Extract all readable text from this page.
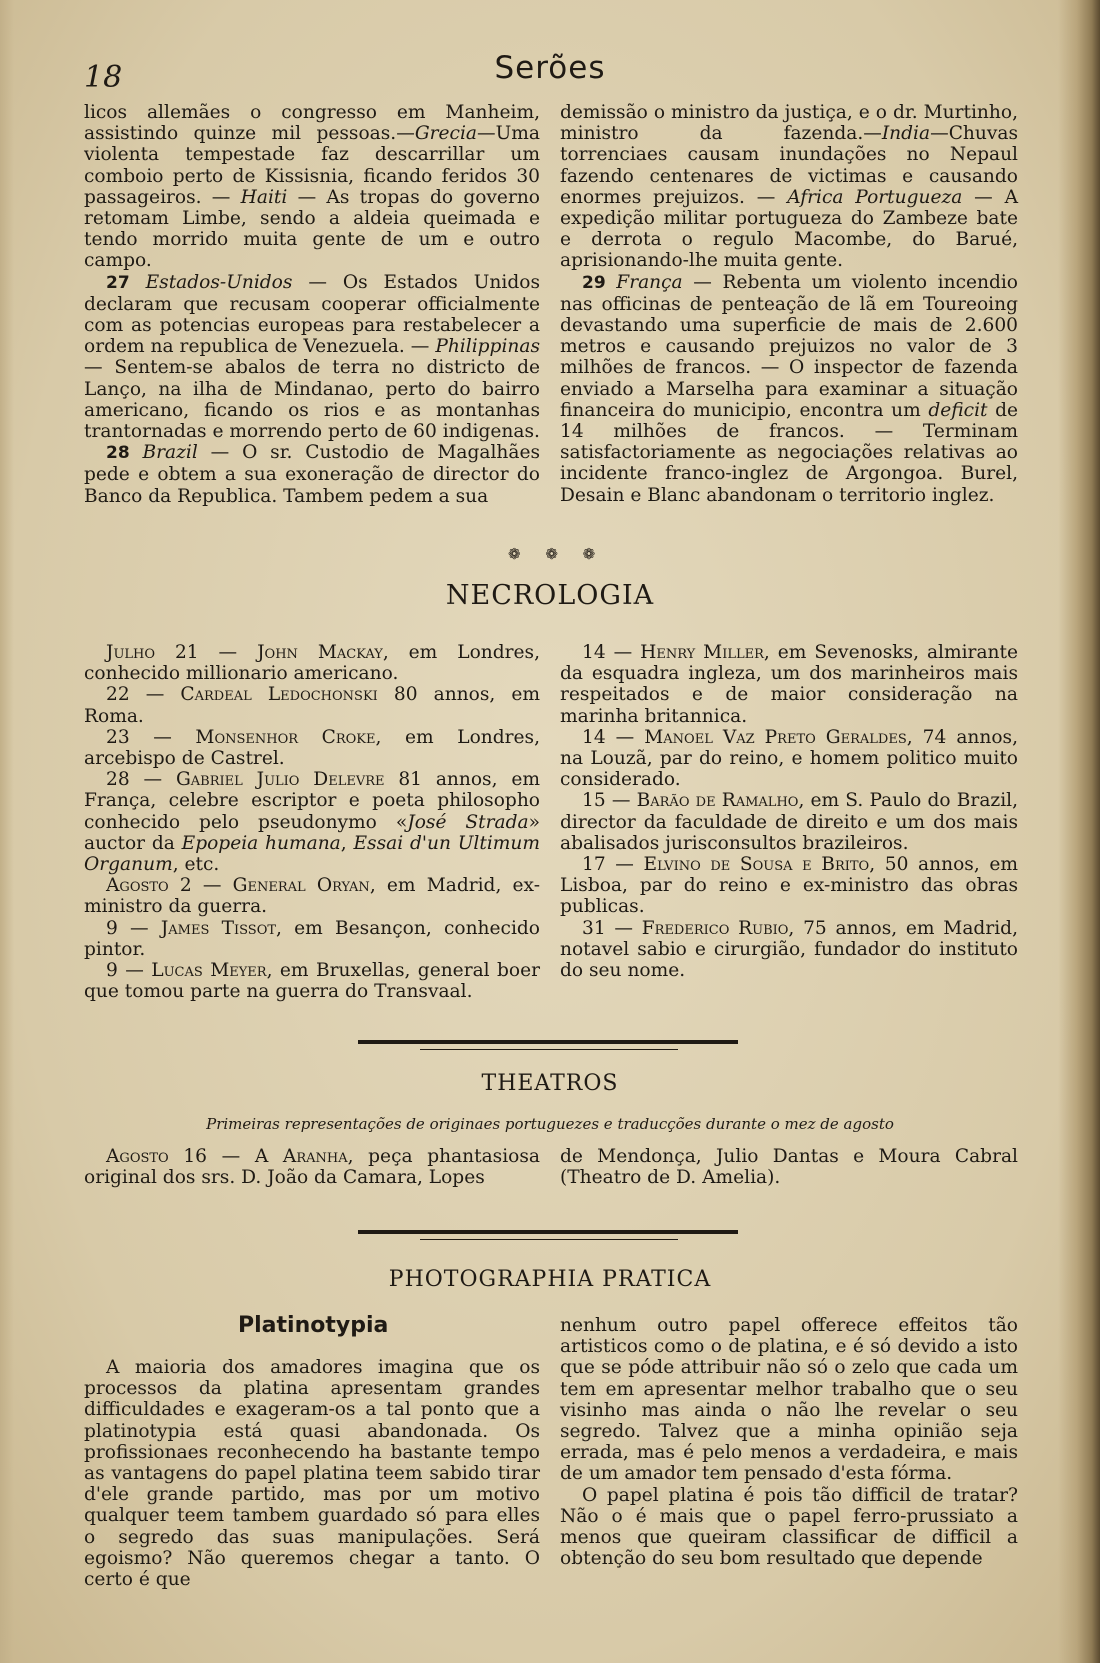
18	Serões

licos allemães o congresso em Manheim, assistindo quinze mil pessoas.—Grecia—Uma violenta tempestade faz descarrillar um comboio perto de Kissisnia, ficando feridos 30 passageiros. — Haiti — As tropas do governo retomam Limbe, sendo a aldeia queimada e tendo morrido muita gente de um e outro campo.

27 Estados-Unidos — Os Estados Unidos declaram que recusam cooperar officialmente com as potencias europeas para restabelecer a ordem na republica de Venezuela. — Philippinas— Sentem-se abalos de terra no districto de Lanço, na ilha de Mindanao, perto do bairro americano, ficando os rios e as montanhas trantornadas e morrendo perto de 60 indigenas.

28 Brazil — O sr. Custodio de Magalhães pede e obtem a sua exoneração de director do Banco da Republica. Tambem pedem a sua

demissão o ministro da justiça, e o dr. Murtinho, ministro da fazenda.—India—Chuvas torrenciaes causam inundações no Nepaul fazendo centenares de victimas e causando enormes prejuizos. — Africa Portugueza — A expedição militar portugueza do Zambeze bate e derrota o regulo Macombe, do Barué, aprisionando-lhe muita gente.

29 França — Rebenta um violento incendio nas officinas de penteação de lã em Toureoing devastando uma superficie de mais de 2.600 metros e causando prejuizos no valor de 3 milhões de francos. — O inspector de fazenda enviado a Marselha para examinar a situação financeira do municipio, encontra um deficit de 14 milhões de francos. — Terminam satisfactoriamente as negociações relativas ao incidente franco-inglez de Argongoa. Burel, Desain e Blanc abandonam o territorio inglez.

❁ ❁ ❁
NECROLOGIA

Julho 21 — John Mackay, em Londres, conhecido millionario americano.

22 — Cardeal Ledochonski 80 annos, em Roma.

23 — Monsenhor Croke, em Londres, arcebispo de Castrel.

28 — Gabriel Julio Delevre 81 annos, em França, celebre escriptor e poeta philosopho conhecido pelo pseudonymo «José Strada» auctor da Epopeia humana, Essai d'un Ultimum Organum, etc.

Agosto 2 — General Oryan, em Madrid, ex-ministro da guerra.

9 — James Tissot, em Besançon, conhecido pintor.

9 — Lucas Meyer, em Bruxellas, general boer que tomou parte na guerra do Transvaal.

14 — Henry Miller, em Sevenosks, almirante da esquadra ingleza, um dos marinheiros mais respeitados e de maior consideração na marinha britannica.

14 — Manoel Vaz Preto Geraldes, 74 annos, na Louzã, par do reino, e homem politico muito considerado.

15 — Barão de Ramalho, em S. Paulo do Brazil, director da faculdade de direito e um dos mais abalisados jurisconsultos brazileiros.

17 — Elvino de Sousa e Brito, 50 annos, em Lisboa, par do reino e ex-ministro das obras publicas.

31 — Frederico Rubio, 75 annos, em Madrid, notavel sabio e cirurgião, fundador do instituto do seu nome.

THEATROS
Primeiras representações de originaes portuguezes e traducções durante o mez de agosto

Agosto 16 — A Aranha, peça phantasiosa original dos srs. D. João da Camara, Lopes

de Mendonça, Julio Dantas e Moura Cabral (Theatro de D. Amelia).

PHOTOGRAPHIA PRATICA
Platinotypia

A maioria dos amadores imagina que os processos da platina apresentam grandes difficuldades e exageram-os a tal ponto que a platinotypia está quasi abandonada. Os profissionaes reconhecendo ha bastante tempo as vantagens do papel platina teem sabido tirar d'ele grande partido, mas por um motivo qualquer teem tambem guardado só para elles o segredo das suas manipulações. Será egoismo? Não queremos chegar a tanto. O certo é que

nenhum outro papel offerece effeitos tão artisticos como o de platina, e é só devido a isto que se póde attribuir não só o zelo que cada um tem em apresentar melhor trabalho que o seu visinho mas ainda o não lhe revelar o seu segredo. Talvez que a minha opinião seja errada, mas é pelo menos a verdadeira, e mais de um amador tem pensado d'esta fórma.

O papel platina é pois tão difficil de tratar? Não o é mais que o papel ferro-prussiato a menos que queiram classificar de difficil a obtenção do seu bom resultado que depende
